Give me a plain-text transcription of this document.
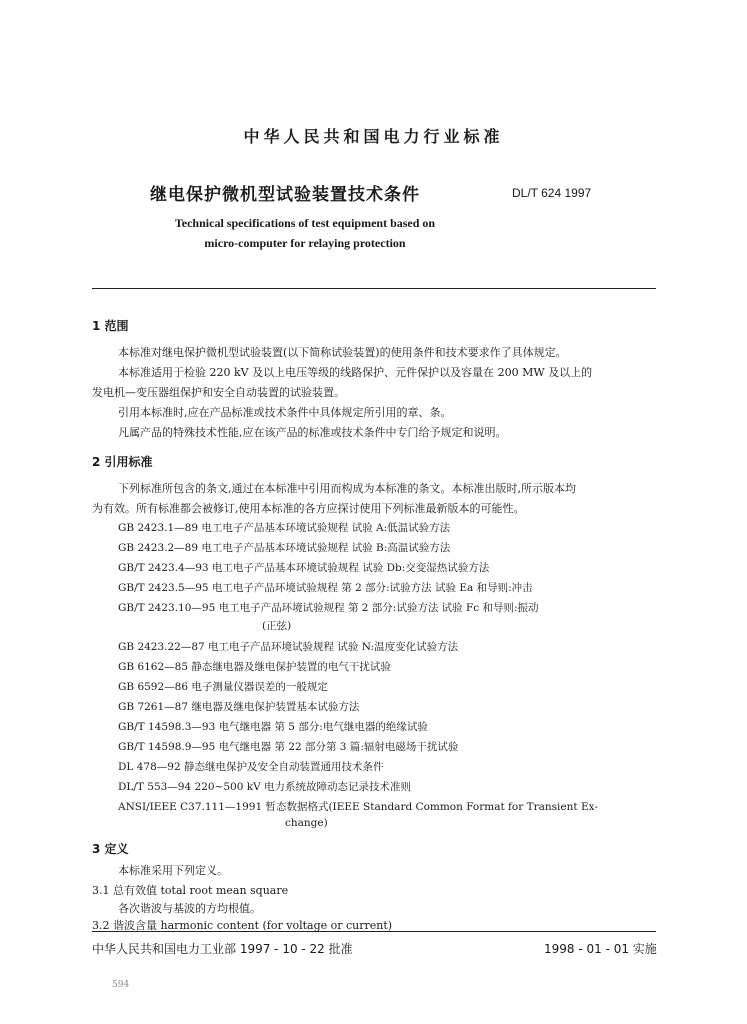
中华人民共和国电力行业标准
继电保护微机型试验装置技术条件	DL/T 624 1997
Technical specifications of test equipment based on
micro-computer for relaying protection
1 范围
本标准对继电保护微机型试验装置(以下简称试验装置)的使用条件和技术要求作了具体规定。
本标准适用于检验 220 kV 及以上电压等级的线路保护、元件保护以及容量在 200 MW 及以上的
发电机—变压器组保护和安全自动装置的试验装置。
引用本标准时,应在产品标准或技术条件中具体规定所引用的章、条。
凡属产品的特殊技术性能,应在该产品的标准或技术条件中专门给予规定和说明。
2 引用标准
下列标准所包含的条文,通过在本标准中引用而构成为本标准的条文。本标准出版时,所示版本均
为有效。所有标准都会被修订,使用本标准的各方应探讨使用下列标准最新版本的可能性。
GB 2423.1—89 电工电子产品基本环境试验规程 试验 A:低温试验方法
GB 2423.2—89 电工电子产品基本环境试验规程 试验 B:高温试验方法
GB/T 2423.4—93 电工电子产品基本环境试验规程 试验 Db:交变湿热试验方法
GB/T 2423.5—95 电工电子产品环境试验规程 第 2 部分:试验方法 试验 Ea 和导则:冲击
GB/T 2423.10—95 电工电子产品环境试验规程 第 2 部分:试验方法 试验 Fc 和导则:振动
(正弦)
GB 2423.22—87 电工电子产品环境试验规程 试验 N:温度变化试验方法
GB 6162—85 静态继电器及继电保护装置的电气干扰试验
GB 6592—86 电子测量仪器误差的一般规定
GB 7261—87 继电器及继电保护装置基本试验方法
GB/T 14598.3—93 电气继电器 第 5 部分:电气继电器的绝缘试验
GB/T 14598.9—95 电气继电器 第 22 部分第 3 篇:辐射电磁场干扰试验
DL 478—92 静态继电保护及安全自动装置通用技术条件
DL/T 553—94 220~500 kV 电力系统故障动态记录技术准则
ANSI/IEEE C37.111—1991 暂态数据格式(IEEE Standard Common Format for Transient Ex-
change)
3 定义
本标准采用下列定义。
3.1 总有效值 total root mean square
各次谐波与基波的方均根值。
3.2 谐波含量 harmonic content (for voltage or current)
中华人民共和国电力工业部 1997 - 10 - 22 批准	1998 - 01 - 01 实施
594
